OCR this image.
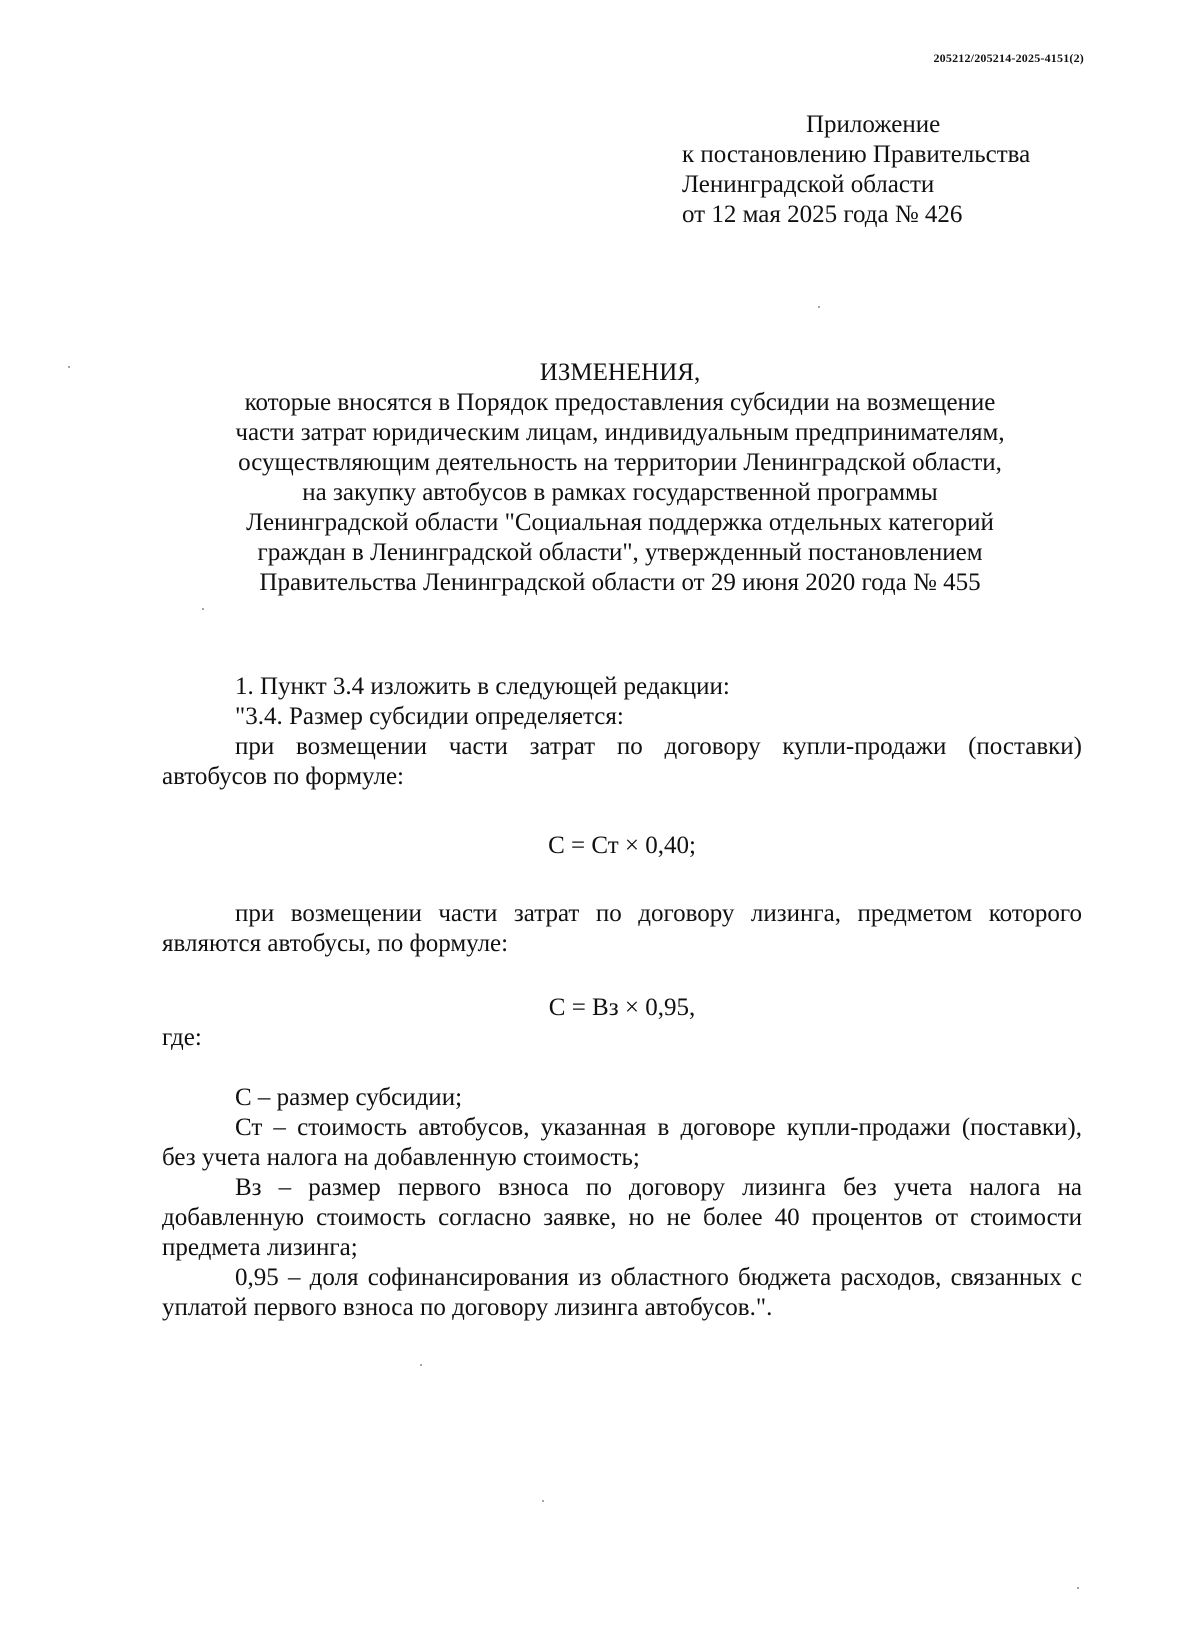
205212/205214-2025-4151(2)
Приложение
к постановлению Правительства
Ленинградской области
от 12 мая 2025 года № 426
ИЗМЕНЕНИЯ,
которые вносятся в Порядок предоставления субсидии на возмещение
части затрат юридическим лицам, индивидуальным предпринимателям,
осуществляющим деятельность на территории Ленинградской области,
на закупку автобусов в рамках государственной программы
Ленинградской области "Социальная поддержка отдельных категорий
граждан в Ленинградской области", утвержденный постановлением
Правительства Ленинградской области от 29 июня 2020 года № 455

1. Пункт 3.4 изложить в следующей редакции:

"3.4. Размер субсидии определяется:

при возмещении части затрат по договору купли-продажи (поставки) автобусов по формуле:

С = Ст × 0,40;

при возмещении части затрат по договору лизинга, предметом которого являются автобусы, по формуле:

С = Вз × 0,95,

где:

С – размер субсидии;

Ст – стоимость автобусов, указанная в договоре купли-продажи (поставки), без учета налога на добавленную стоимость;

Вз – размер первого взноса по договору лизинга без учета налога на добавленную стоимость согласно заявке, но не более 40 процентов от стоимости предмета лизинга;

0,95 – доля софинансирования из областного бюджета расходов, связанных с уплатой первого взноса по договору лизинга автобусов.".
